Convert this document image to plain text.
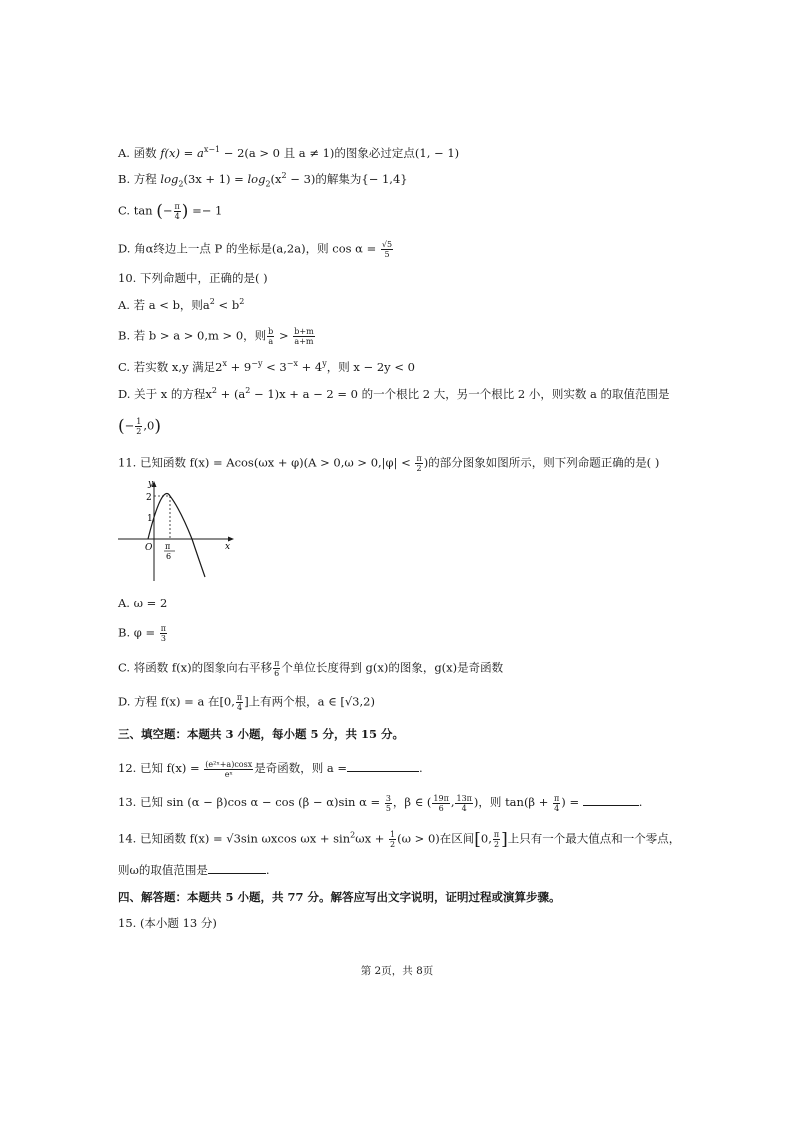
A. 函数 $f(x) = a^{x-1} - 2(a > 0$ 且 a ≠ 1)的图象必过定点(1, − 1)
B. 方程 $\log_2(3x + 1) = \log_2(x^2 - 3)$的解集为{− 1,4}
C. tan (− $\frac{\pi}{4}$ ) =− 1
D. 角α终边上一点 P 的坐标是(a,2a)，则 $\cos \alpha = \frac{√5}{5}$
10. 下列命题中，正确的是( )
A. 若 a < b，则$a^2 < b^2$
B. 若 b > a > 0,m > 0，则 $\frac{b}{a} > \frac{b+m}{a+m}$
C. 若实数 x,y 满足$2^x + 9^{-y} < 3^{-x} + 4^y$，则 x − 2y < 0
D. 关于 x 的方程$x^2 + (a^2 - 1)x + a - 2 = 0$ 的一个根比 2 大，另一个根比 2 小，则实数 a 的取值范围是
(− $\frac{1}{2} ,0$)
11. 已知函数 $f(x) = Acos(\omega x + \varphi)(A > 0,\omega > 0,|\varphi| < \frac{\pi}{2}$ )的部分图象如图所示，则下列命题正确的是( )
y
x
O
2
1
π
6
A. ω = 2
B. $\varphi = \frac{\pi}{3}$
C. 将函数 f(x)的图象向右平移 $\frac{\pi}{6}$ 个单位长度得到 g(x)的图象，g(x)是奇函数
D. 方程 f(x) = a 在[0, $\frac{\pi}{4}$ ]上有两个根，a ∈ [√3,2)
三、填空题：本题共 3 小题，每小题 5 分，共 15 分。
12. 已知 $f(x) = \frac{\text{(e²ˣ+a)cosx}}{\text{eˣ}}$ 是奇函数，则 a =	.
13. 已知 sin (α − β)cos α − cos (β − α)sin $\alpha = \frac{3}{5}$ ，β ∈ ( $\frac{19\pi}{6}$ , $\frac{13\pi}{4}$ )，则 $\tan(\beta + \frac{\pi}{4}$ ) =	.
14. 已知函数 f(x) = √3sin ωxcos $\omega x + \sin^2\omega x + \frac{1}{2} (\omega > 0)$在区间[0, $\frac{\pi}{2}$ ]上只有一个最大值点和一个零点，
则ω的取值范围是	.
四、解答题：本题共 5 小题，共 77 分。解答应写出文字说明，证明过程或演算步骤。
15. (本小题 13 分)
第 2页，共 8页
